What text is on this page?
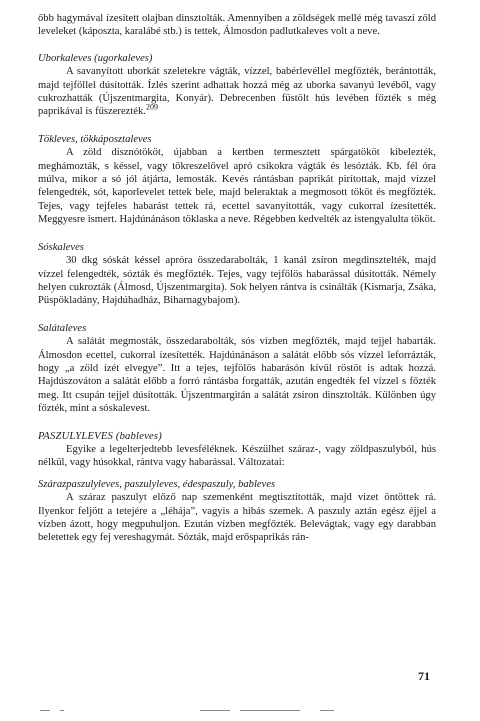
őbb hagymával ízesített olajban dinsztolták. Amennyiben a zöldségek mellé még tavaszi zöld leveleket (káposzta, karalábé stb.) is tettek, Álmosdon padlutkaleves volt a neve.

Uborkaleves (ugorkaleves)

A savanyított uborkát szeletekre vágták, vízzel, babérlevéllel megfőzték, berántották, majd tejföllel dúsították. Ízlés szerint adhattak hozzá még az uborka savanyú levéből, vagy cukrozhatták (Újszentmargita, Konyár). Debrecenben füstölt hús levében főzték s még paprikával is fűszerezték.$^{209}$

Tökleves, tökkáposztaleves

A zöld disznótököt, újabban a kertben termesztett spárgatököt kibelezték, meghámozták, s késsel, vagy tökreszelővel apró csíkokra vágták és lesózták. Kb. fél óra múlva, mikor a só jól átjárta, lemosták. Kevés rántásban paprikát pirítottak, majd vízzel felengedték, sót, kaporlevelet tettek bele, majd beleraktak a megmosott tököt és megfőzték. Tejes, vagy tejfeles habarást tettek rá, ecettel savanyították, vagy cukorral ízesítették. Meggyesre ismert. Hajdúnánáson töklaska a neve. Régebben kedvelték az istengyalulta tököt.

Sóskaleves

30 dkg sóskát késsel apróra összedarabolták, 1 kanál zsíron megdinsztelték, majd vízzel felengedték, sózták és megfőzték. Tejes, vagy tejfölös habarással dúsították. Némely helyen cukrozták (Álmosd, Újszentmargita). Sok helyen rántva is csinálták (Kismarja, Zsáka, Püspökladány, Hajdúhadház, Biharnagybajom).

Salátaleves

A salátát megmosták, összedarabolták, sós vízben megfőzték, majd tejjel habarták. Álmosdon ecettel, cukorral ízesítették. Hajdúnánáson a salátát előbb sós vízzel leforrázták, hogy „a zöld ízét elvegye”. Itt a tejes, tejfölös habarásón kívül röstöt is adtak hozzá. Hajdúszováton a salátát előbb a forró rántásba forgatták, azután engedték fel vízzel s főzték meg. Itt csupán tejjel dúsították. Újszentmargitán a salátát zsíron dinsztolták. Különben úgy főzték, mint a sóskalevest.

PASZULYLEVES (bableves)

Egyike a legelterjedtebb levesféléknek. Készülhet száraz-, vagy zöldpaszulyból, hús nélkül, vagy húsokkal, rántva vagy habarással. Változatai:

Szárazpaszulyleves, paszulyleves, édespaszuly, bableves

A száraz paszulyt előző nap szemenként megtisztították, majd vizet öntöttek rá. Ilyenkor feljött a tetejére a „léhája”, vagyis a hibás szemek. A paszuly aztán egész éjjel a vízben ázott, hogy megpuhuljon. Ezután vízben megfőzték. Belevágtak, vagy egy darabban beletettek egy fej vereshagymát. Sózták, majd erőspaprikás rán-

71
